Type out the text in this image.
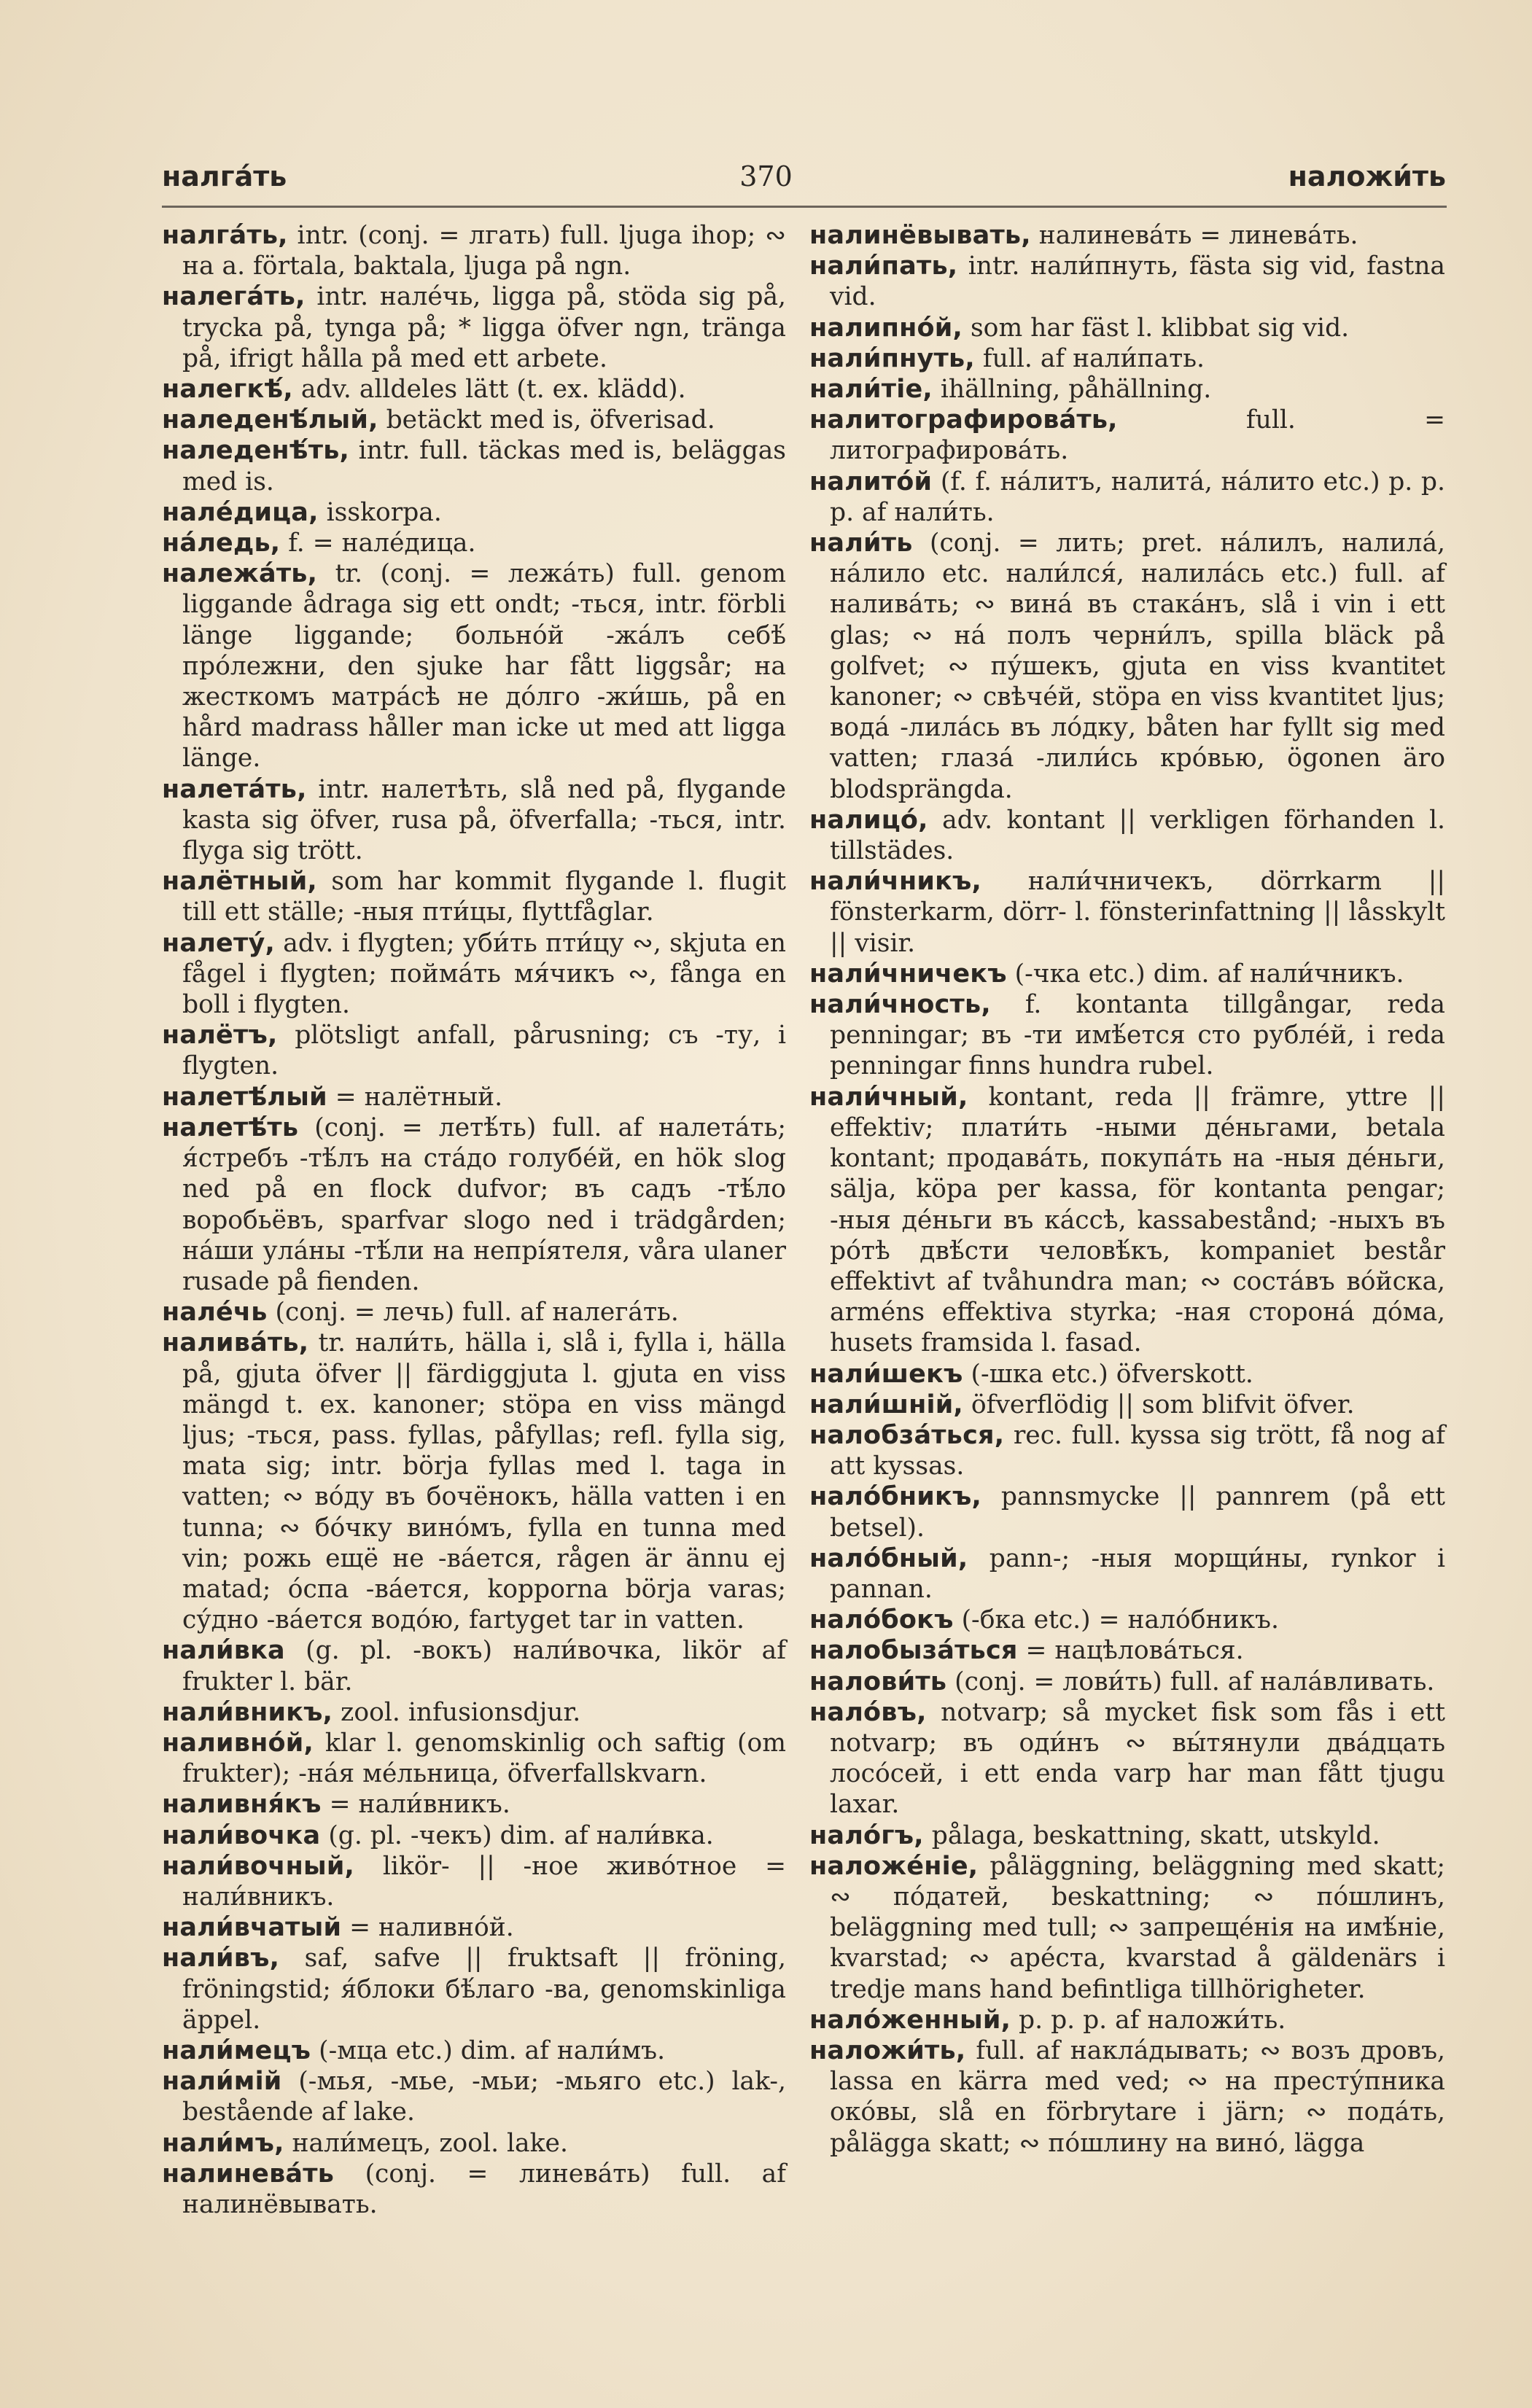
налга́ть	370	наложи́ть

налга́ть, intr. (conj. = лгать) full. ljuga ihop; ∾ на a. förtala, baktala, ljuga på ngn.

налега́ть, intr. нале́чь, ligga på, stöda sig på, trycka på, tynga på; * ligga öfver ngn, tränga på, ifrigt hålla på med ett arbete.

налегкѣ́, adv. alldeles lätt (t. ex. klädd).

наледенѣ́лый, betäckt med is, öfverisad.

наледенѣ́ть, intr. full. täckas med is, beläggas med is.

нале́дица, isskorpa.

на́ледь, f. = нале́дица.

належа́ть, tr. (conj. = лежа́ть) full. genom liggande ådraga sig ett ondt; -ться, intr. förbli länge liggande; больно́й -жа́лъ себѣ́ про́лежни, den sjuke har fått liggsår; на жесткомъ матра́сѣ не до́лго -жи́шь, på en hård madrass håller man icke ut med att ligga länge.

налета́ть, intr. налетѣть, slå ned på, flygande kasta sig öfver, rusa på, öfverfalla; -ться, intr. flyga sig trött.

налётный, som har kommit flygande l. flugit till ett ställe; -ныя пти́цы, flyttfåglar.

налету́, adv. i flygten; уби́ть пти́цу ∾, skjuta en fågel i flygten; пойма́ть мя́чикъ ∾, fånga en boll i flygten.

налётъ, plötsligt anfall, pårusning; съ -ту, i flygten.

налетѣ́лый = налётный.

налетѣ́ть (conj. = летѣ́ть) full. af налета́ть; я́стребъ -тѣ́лъ на ста́до голубе́й, en hök slog ned på en flock dufvor; въ садъ -тѣ́ло воробьёвъ, sparfvar slogo ned i trädgården; на́ши ула́ны -тѣ́ли на непрі́ятеля, våra ulaner rusade på fienden.

нале́чь (conj. = лечь) full. af налега́ть.

налива́ть, tr. нали́ть, hälla i, slå i, fylla i, hälla på, gjuta öfver || färdiggjuta l. gjuta en viss mängd t. ex. kanoner; stöpa en viss mängd ljus; -ться, pass. fyllas, påfyllas; refl. fylla sig, mata sig; intr. börja fyllas med l. taga in vatten; ∾ во́ду въ бочёнокъ, hälla vatten i en tunna; ∾ бо́чку вино́мъ, fylla en tunna med vin; рожь ещё не -ва́ется, rågen är ännu ej matad; о́спа -ва́ется, kopporna börja varas; су́дно -ва́ется водо́ю, fartyget tar in vatten.

нали́вка (g. pl. -вокъ) нали́вочка, likör af frukter l. bär.

нали́вникъ, zool. infusionsdjur.

наливно́й, klar l. genomskinlig och saftig (om frukter); -на́я ме́льница, öfverfallskvarn.

наливня́къ = нали́вникъ.

нали́вочка (g. pl. -чекъ) dim. af нали́вка.

нали́вочный, likör- || -ное живо́тное = нали́вникъ.

нали́вчатый = наливно́й.

нали́въ, saf, safve || fruktsaft || fröning, fröningstid; я́блоки бѣ́лаго -ва, genomskinliga äppel.

нали́мецъ (-мца etc.) dim. af нали́мъ.

нали́мій (-мья, -мье, -мьи; -мьяго etc.) lak-, bestående af lake.

нали́мъ, нали́мецъ, zool. lake.

налинева́ть (conj. = линева́ть) full. af налинёвывать.

налинёвывать, налинева́ть = линева́ть.

нали́пать, intr. нали́пнуть, fästa sig vid, fastna vid.

налипно́й, som har fäst l. klibbat sig vid.

нали́пнуть, full. af нали́пать.

нали́тіе, ihällning, påhällning.

налитографирова́ть, full. = литографирова́ть.

налито́й (f. f. на́литъ, налита́, на́лито etc.) p. p. p. af нали́ть.

нали́ть (conj. = лить; pret. на́лилъ, налила́, на́лило etc. нали́лся́, налила́сь etc.) full. af налива́ть; ∾ вина́ въ стака́нъ, slå i vin i ett glas; ∾ на́ полъ черни́лъ, spilla bläck på golfvet; ∾ пу́шекъ, gjuta en viss kvantitet kanoner; ∾ свѣче́й, stöpa en viss kvantitet ljus; вода́ -лила́сь въ ло́дку, båten har fyllt sig med vatten; глаза́ -лили́сь кро́вью, ögonen äro blodsprängda.

налицо́, adv. kontant || verkligen förhanden l. tillstädes.

нали́чникъ, нали́чничекъ, dörrkarm || fönsterkarm, dörr- l. fönsterinfattning || låsskylt || visir.

нали́чничекъ (-чка etc.) dim. af нали́чникъ.

нали́чность, f. kontanta tillgångar, reda penningar; въ -ти имѣ́ется сто рубле́й, i reda penningar finns hundra rubel.

нали́чный, kontant, reda || främre, yttre || effektiv; плати́ть -ными де́ньгами, betala kontant; продава́ть, покупа́ть на -ныя де́ньги, sälja, köpa per kassa, för kontanta pengar; -ныя де́ньги въ ка́ссѣ, kassabestånd; -ныхъ въ ро́тѣ двѣ́сти человѣ́къ, kompaniet består effektivt af tvåhundra man; ∾ соста́въ во́йска, arméns effektiva styrka; -ная сторона́ до́ма, husets framsida l. fasad.

нали́шекъ (-шка etc.) öfverskott.

нали́шній, öfverflödig || som blifvit öfver.

налобза́ться, rec. full. kyssa sig trött, få nog af att kyssas.

нало́бникъ, pannsmycke || pannrem (på ett betsel).

нало́бный, pann-; -ныя морщи́ны, rynkor i pannan.

нало́бокъ (-бка etc.) = нало́бникъ.

налобыза́ться = нацѣлова́ться.

налови́ть (conj. = лови́ть) full. af нала́вливать.

нало́въ, notvarp; så mycket fisk som fås i ett notvarp; въ оди́нъ ∾ вы́тянули два́дцать лосо́сей, i ett enda varp har man fått tjugu laxar.

нало́гъ, pålaga, beskattning, skatt, utskyld.

наложе́ніе, påläggning, beläggning med skatt; ∾ по́датей, beskattning; ∾ по́шлинъ, beläggning med tull; ∾ запреще́нія на имѣ́ніе, kvarstad; ∾ аре́ста, kvarstad å gäldenärs i tredje mans hand befintliga tillhörigheter.

нало́женный, p. p. p. af наложи́ть.

наложи́ть, full. af наклáдывать; ∾ возъ дровъ, lassa en kärra med ved; ∾ на престу́пника око́вы, slå en förbrytare i järn; ∾ пода́ть, pålägga skatt; ∾ по́шлину на вино́, lägga
